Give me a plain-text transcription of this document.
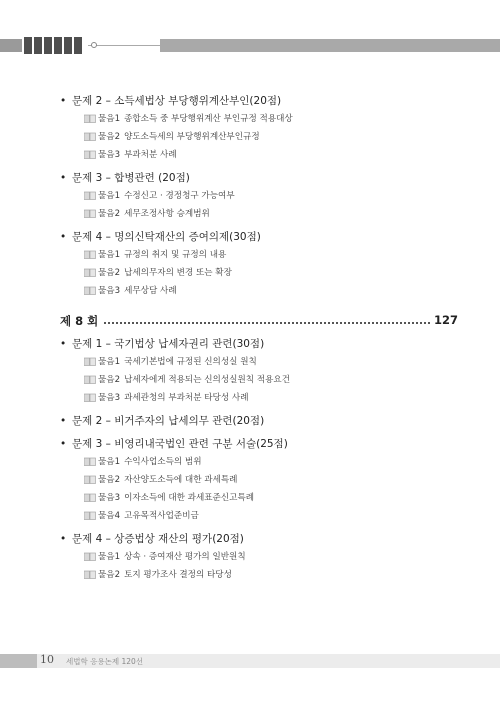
• 문제 2 – 소득세법상 부당행위계산부인(20점)
물음1 종합소득 중 부당행위계산 부인규정 적용대상
물음2 양도소득세의 부당행위계산부인규정
물음3 부과처분 사례
• 문제 3 – 합병관련 (20점)
물음1 수정신고 · 경정청구 가능여부
물음2 세무조정사항 승계범위
• 문제 4 – 명의신탁재산의 증여의제(30점)
물음1 규정의 취지 및 규정의 내용
물음2 납세의무자의 변경 또는 확장
물음3 세무상담 사례
제 8 회	127
• 문제 1 – 국기법상 납세자권리 관련(30점)
물음1 국세기본법에 규정된 신의성실 원칙
물음2 납세자에게 적용되는 신의성실원칙 적용요건
물음3 과세관청의 부과처분 타당성 사례
• 문제 2 – 비거주자의 납세의무 관련(20점)
• 문제 3 – 비영리내국법인 관련 구분 서술(25점)
물음1 수익사업소득의 범위
물음2 자산양도소득에 대한 과세특례
물음3 이자소득에 대한 과세표준신고특례
물음4 고유목적사업준비금
• 문제 4 – 상증법상 재산의 평가(20점)
물음1 상속 · 증여재산 평가의 일반원칙
물음2 토지 평가조사 결정의 타당성
10 세법학 응용논제 120선
